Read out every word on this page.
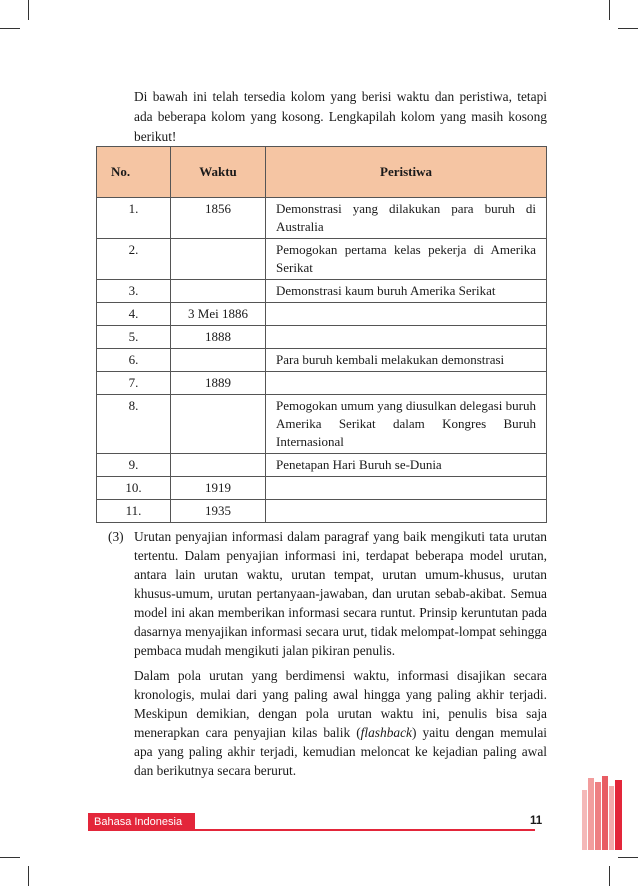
Di bawah ini telah tersedia kolom yang berisi waktu dan peristiwa, tetapi ada beberapa kolom yang kosong. Lengkapilah kolom yang masih kosong berikut!
No.	Waktu	Peristiwa
1.	1856	Demonstrasi yang dilakukan para buruh di Australia
2.		Pemogokan pertama kelas pekerja di Amerika Serikat
3.		Demonstrasi kaum buruh Amerika Serikat
4.	3 Mei 1886	
5.	1888	
6.		Para buruh kembali melakukan demonstrasi
7.	1889	
8.		Pemogokan umum yang diusulkan delegasi buruh Amerika Serikat dalam Kongres Buruh Internasional
9.		Penetapan Hari Buruh se-Dunia
10.	1919	
11.	1935	
(3) Urutan penyajian informasi dalam paragraf yang baik mengikuti tata urutan tertentu. Dalam penyajian informasi ini, terdapat beberapa model urutan, antara lain urutan waktu, urutan tempat, urutan umum-khusus, urutan khusus-umum, urutan pertanyaan-jawaban, dan urutan sebab-akibat. Semua model ini akan memberikan informasi secara runtut. Prinsip keruntutan pada dasarnya menyajikan informasi secara urut, tidak melompat-lompat sehingga pembaca mudah mengikuti jalan pikiran penulis.

Dalam pola urutan yang berdimensi waktu, informasi disajikan secara kronologis, mulai dari yang paling awal hingga yang paling akhir terjadi. Meskipun demikian, dengan pola urutan waktu ini, penulis bisa saja menerapkan cara penyajian kilas balik (flashback) yaitu dengan memulai apa yang paling akhir terjadi, kemudian meloncat ke kejadian paling awal dan berikutnya secara berurut.

Bahasa Indonesia	11
